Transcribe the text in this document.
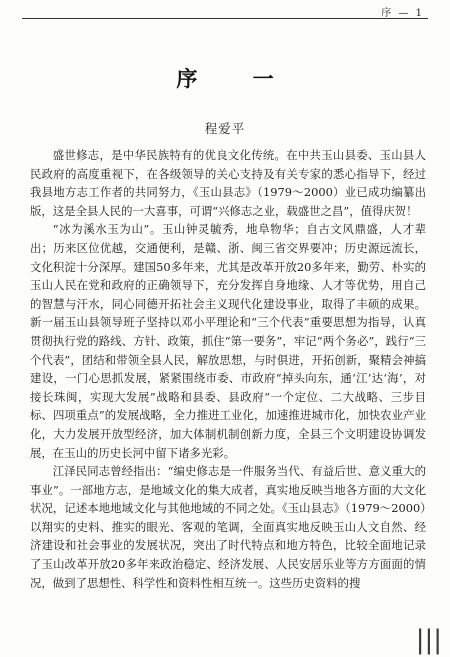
序 — 1
序 一
程爱平

盛世修志，是中华民族特有的优良文化传统。在中共玉山县委、玉山县人民政府的高度重视下，在各级领导的关心支持及有关专家的悉心指导下，经过我县地方志工作者的共同努力，《玉山县志》（1979～2000）业已成功编纂出版，这是全县人民的一大喜事，可谓“兴修志之业，载盛世之昌”，值得庆贺！

“冰为溪水玉为山”。玉山钟灵毓秀，地阜物华；自古文风鼎盛，人才辈出；历来区位优越，交通便利，是赣、浙、闽三省交界要冲；历史源远流长，文化积淀十分深厚。建国50多年来，尤其是改革开放20多年来，勤劳、朴实的玉山人民在党和政府的正确领导下，充分发挥自身地缘、人才等优势，用自己的智慧与汗水，同心同德开拓社会主义现代化建设事业，取得了丰硕的成果。新一届玉山县领导班子坚持以邓小平理论和“三个代表”重要思想为指导，认真贯彻执行党的路线、方针、政策，抓住“第一要务”，牢记“两个务必”，践行“三个代表”，团结和带领全县人民，解放思想，与时俱进，开拓创新，聚精会神搞建设，一门心思抓发展，紧紧围绕市委、市政府“掉头向东，通‘江’达‘海’，对接长珠闽，实现大发展”战略和县委、县政府“一个定位、二大战略、三步目标、四项重点”的发展战略，全力推进工业化，加速推进城市化，加快农业产业化，大力发展开放型经济，加大体制机制创新力度，全县三个文明建设协调发展，在玉山的历史长河中留下诸多光彩。

江泽民同志曾经指出：“编史修志是一件服务当代、有益后世、意义重大的事业”。一部地方志，是地域文化的集大成者，真实地反映当地各方面的大文化状况，记述本地地域文化与其他地域的不同之处。《玉山县志》（1979～2000）以翔实的史料、推实的眼光、客观的笔调，全面真实地反映玉山人文自然、经济建设和社会事业的发展状况，突出了时代特点和地方特色，比较全面地记录了玉山改革开放20多年来政治稳定、经济发展、人民安居乐业等方方面面的情况，做到了思想性、科学性和资料性相互统一。这些历史资料的搜

|||
